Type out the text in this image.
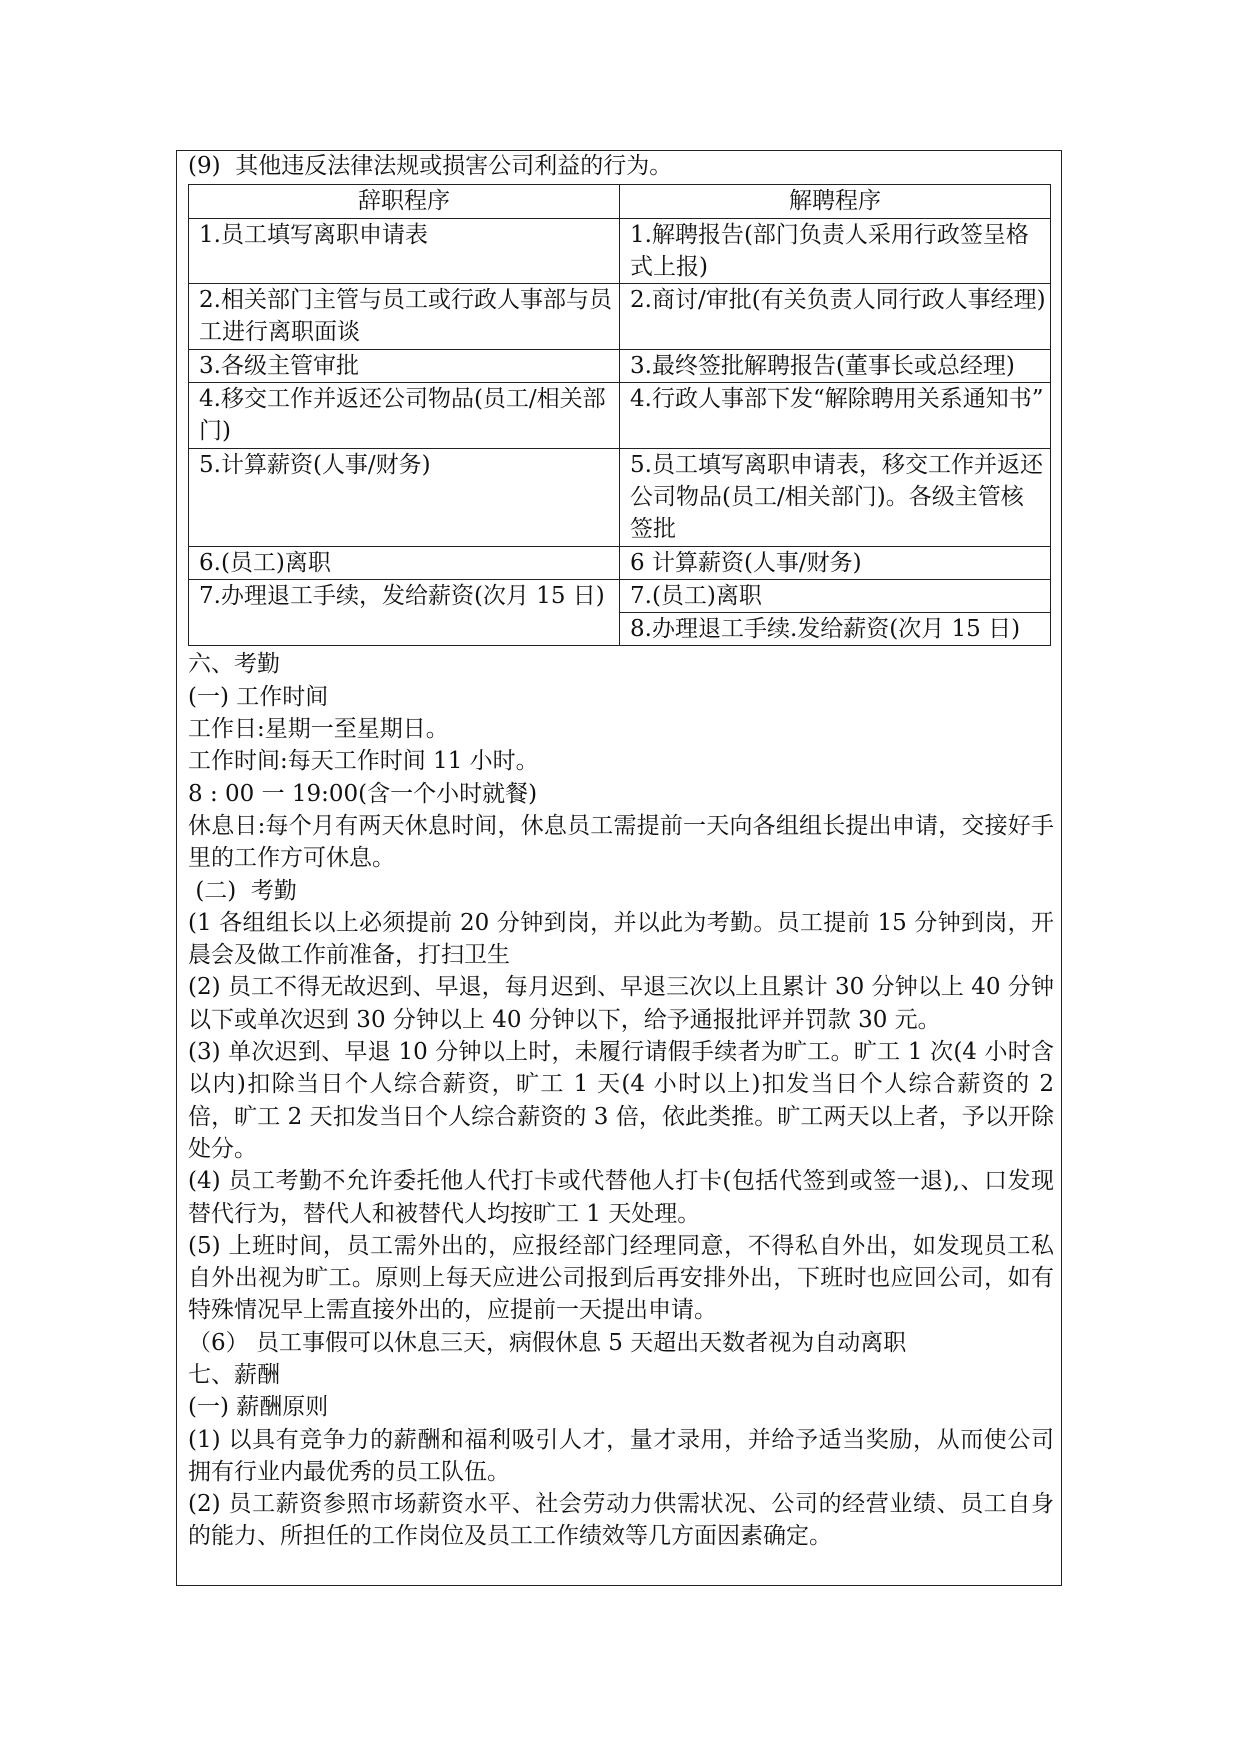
(9)  其他违反法律法规或损害公司利益的行为。
辞职程序	解聘程序
1.员工填写离职申请表	1.解聘报告(部门负责人采用行政签呈格式上报)
2.相关部门主管与员工或行政人事部与员工进行离职面谈	2.商讨/审批(有关负责人同行政人事经理)
3.各级主管审批	3.最终签批解聘报告(董事长或总经理)
4.移交工作并返还公司物品(员工/相关部门)	4.行政人事部下发“解除聘用关系通知书”
5.计算薪资(人事/财务)	5.员工填写离职申请表，移交工作并返还公司物品(员工/相关部门)。各级主管核签批
6.(员工)离职	6 计算薪资(人事/财务)
7.办理退工手续，发给薪资(次月 15 日)	7.(员工)离职
	8.办理退工手续.发给薪资(次月 15 日)
六、考勤
(一) 工作时间
工作日:星期一至星期日。
工作时间:每天工作时间 11 小时。
8 : 00 一 19:00(含一个小时就餐)
休息日:每个月有两天休息时间，休息员工需提前一天向各组组长提出申请，交接好手里的工作方可休息。
(二)  考勤
(1 各组组长以上必须提前 20 分钟到岗，并以此为考勤。员工提前 15 分钟到岗，开晨会及做工作前准备，打扫卫生
(2) 员工不得无故迟到、早退，每月迟到、早退三次以上且累计 30 分钟以上 40 分钟以下或单次迟到 30 分钟以上 40 分钟以下，给予通报批评并罚款 30 元。
(3) 单次迟到、早退 10 分钟以上时，未履行请假手续者为旷工。旷工 1 次(4 小时含以内)扣除当日个人综合薪资，旷工 1 天(4 小时以上)扣发当日个人综合薪资的 2 倍，旷工 2 天扣发当日个人综合薪资的 3 倍，依此类推。旷工两天以上者，予以开除处分。
(4) 员工考勤不允许委托他人代打卡或代替他人打卡(包括代签到或签一退),、口发现替代行为，替代人和被替代人均按旷工 1 天处理。
(5) 上班时间，员工需外出的，应报经部门经理同意，不得私自外出，如发现员工私自外出视为旷工。原则上每天应进公司报到后再安排外出，下班时也应回公司，如有特殊情况早上需直接外出的，应提前一天提出申请。
（6） 员工事假可以休息三天，病假休息 5 天超出天数者视为自动离职
七、薪酬
(一) 薪酬原则
(1) 以具有竞争力的薪酬和福利吸引人才，量才录用，并给予适当奖励，从而使公司拥有行业内最优秀的员工队伍。
(2) 员工薪资参照市场薪资水平、社会劳动力供需状况、公司的经营业绩、员工自身的能力、所担任的工作岗位及员工工作绩效等几方面因素确定。
